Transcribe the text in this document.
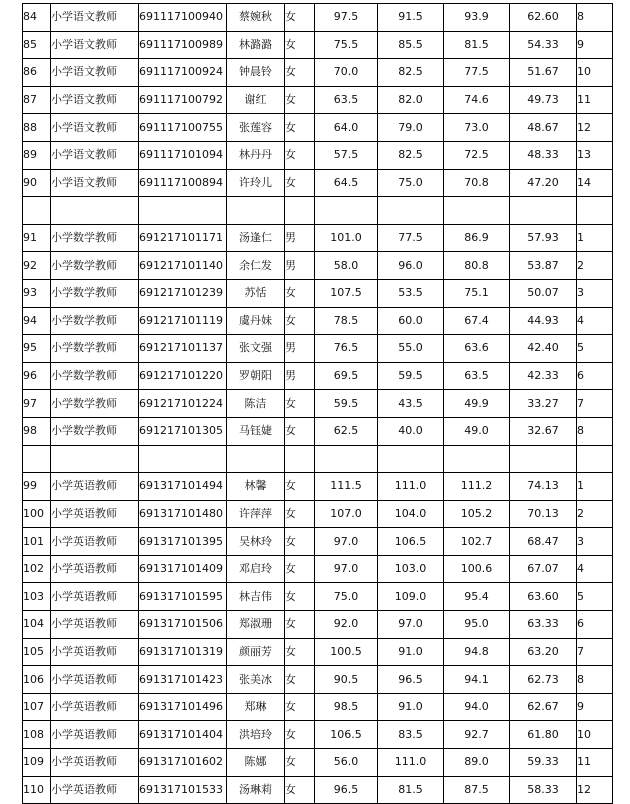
84	小学语文教师	691117100940	蔡婉秋	女	97.5	91.5	93.9	62.60	8
85	小学语文教师	691117100989	林潞潞	女	75.5	85.5	81.5	54.33	9
86	小学语文教师	691117100924	钟晨铃	女	70.0	82.5	77.5	51.67	10
87	小学语文教师	691117100792	谢红	女	63.5	82.0	74.6	49.73	11
88	小学语文教师	691117100755	张莲容	女	64.0	79.0	73.0	48.67	12
89	小学语文教师	691117101094	林丹丹	女	57.5	82.5	72.5	48.33	13
90	小学语文教师	691117100894	许玲儿	女	64.5	75.0	70.8	47.20	14

91	小学数学教师	691217101171	汤逢仁	男	101.0	77.5	86.9	57.93	1
92	小学数学教师	691217101140	余仁发	男	58.0	96.0	80.8	53.87	2
93	小学数学教师	691217101239	苏恬	女	107.5	53.5	75.1	50.07	3
94	小学数学教师	691217101119	虞丹妹	女	78.5	60.0	67.4	44.93	4
95	小学数学教师	691217101137	张文强	男	76.5	55.0	63.6	42.40	5
96	小学数学教师	691217101220	罗朝阳	男	69.5	59.5	63.5	42.33	6
97	小学数学教师	691217101224	陈洁	女	59.5	43.5	49.9	33.27	7
98	小学数学教师	691217101305	马钰婕	女	62.5	40.0	49.0	32.67	8

99	小学英语教师	691317101494	林馨	女	111.5	111.0	111.2	74.13	1
100	小学英语教师	691317101480	许萍萍	女	107.0	104.0	105.2	70.13	2
101	小学英语教师	691317101395	吴林玲	女	97.0	106.5	102.7	68.47	3
102	小学英语教师	691317101409	邓启玲	女	97.0	103.0	100.6	67.07	4
103	小学英语教师	691317101595	林吉伟	女	75.0	109.0	95.4	63.60	5
104	小学英语教师	691317101506	郑淑珊	女	92.0	97.0	95.0	63.33	6
105	小学英语教师	691317101319	颜丽芳	女	100.5	91.0	94.8	63.20	7
106	小学英语教师	691317101423	张美冰	女	90.5	96.5	94.1	62.73	8
107	小学英语教师	691317101496	郑琳	女	98.5	91.0	94.0	62.67	9
108	小学英语教师	691317101404	洪培玲	女	106.5	83.5	92.7	61.80	10
109	小学英语教师	691317101602	陈娜	女	56.0	111.0	89.0	59.33	11
110	小学英语教师	691317101533	汤琳莉	女	96.5	81.5	87.5	58.33	12
